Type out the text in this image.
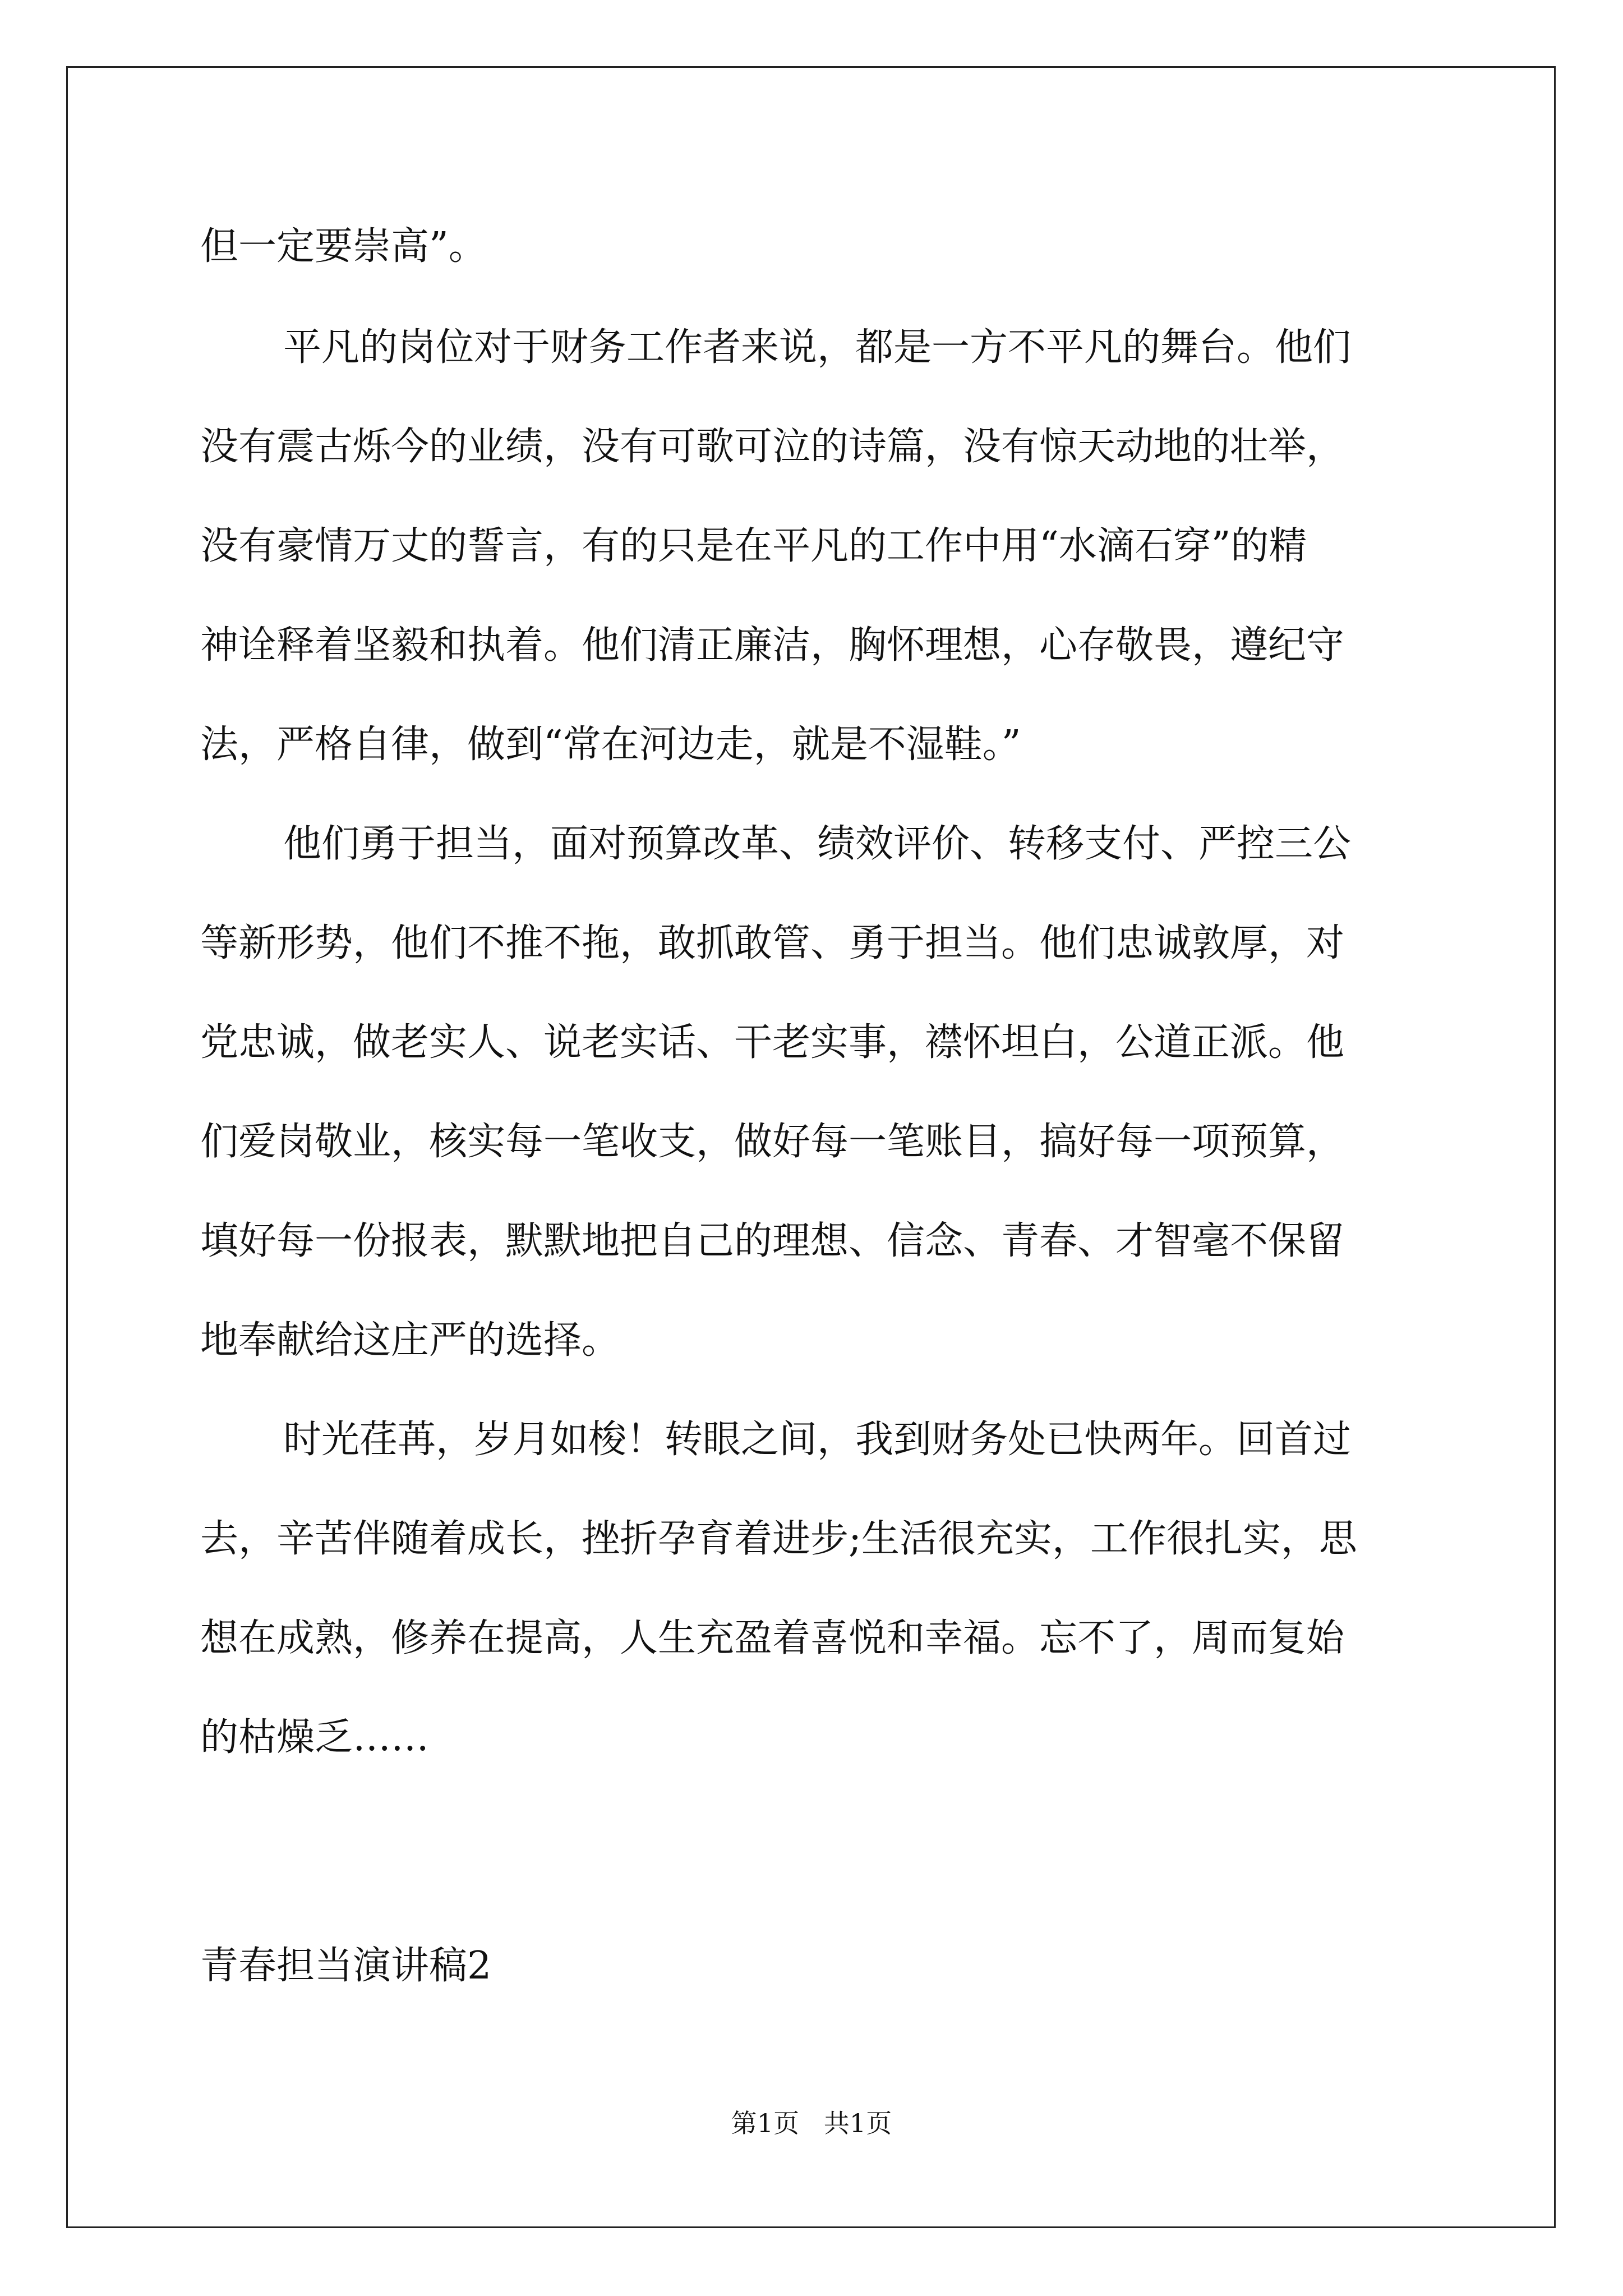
但一定要崇高”。
平凡的岗位对于财务工作者来说，都是一方不平凡的舞台。他们
没有震古烁今的业绩，没有可歌可泣的诗篇，没有惊天动地的壮举，
没有豪情万丈的誓言，有的只是在平凡的工作中用“水滴石穿”的精
神诠释着坚毅和执着。他们清正廉洁，胸怀理想，心存敬畏，遵纪守
法，严格自律，做到“常在河边走，就是不湿鞋。”
他们勇于担当，面对预算改革、绩效评价、转移支付、严控三公
等新形势，他们不推不拖，敢抓敢管、勇于担当。他们忠诚敦厚，对
党忠诚，做老实人、说老实话、干老实事，襟怀坦白，公道正派。他
们爱岗敬业，核实每一笔收支，做好每一笔账目，搞好每一项预算，
填好每一份报表，默默地把自己的理想、信念、青春、才智毫不保留
地奉献给这庄严的选择。
时光荏苒，岁月如梭！转眼之间，我到财务处已快两年。回首过
去，辛苦伴随着成长，挫折孕育着进步;生活很充实，工作很扎实，思
想在成熟，修养在提高，人生充盈着喜悦和幸福。忘不了，周而复始
的枯燥乏……
青春担当演讲稿2
第1页   共1页
